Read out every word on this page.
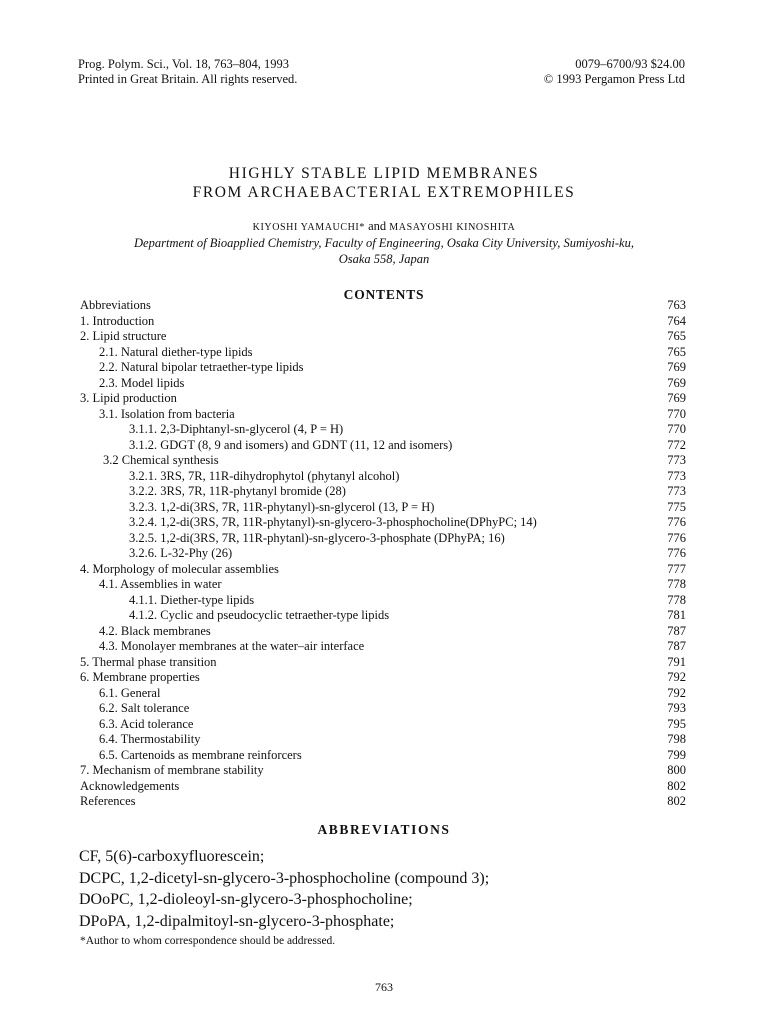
Prog. Polym. Sci., Vol. 18, 763–804, 1993
Printed in Great Britain. All rights reserved.
0079–6700/93 $24.00
© 1993 Pergamon Press Ltd
HIGHLY STABLE LIPID MEMBRANES
FROM ARCHAEBACTERIAL EXTREMOPHILES
KIYOSHI YAMAUCHI* and MASAYOSHI KINOSHITA
Department of Bioapplied Chemistry, Faculty of Engineering, Osaka City University, Sumiyoshi-ku,
Osaka 558, Japan
CONTENTS
Abbreviations	763
1. Introduction	764
2. Lipid structure	765
2.1. Natural diether-type lipids	765
2.2. Natural bipolar tetraether-type lipids	769
2.3. Model lipids	769
3. Lipid production	769
3.1. Isolation from bacteria	770
3.1.1. 2,3-Diphtanyl-sn-glycerol (4, P = H)	770
3.1.2. GDGT (8, 9 and isomers) and GDNT (11, 12 and isomers)	772
3.2 Chemical synthesis	773
3.2.1. 3RS, 7R, 11R-dihydrophytol (phytanyl alcohol)	773
3.2.2. 3RS, 7R, 11R-phytanyl bromide (28)	773
3.2.3. 1,2-di(3RS, 7R, 11R-phytanyl)-sn-glycerol (13, P = H)	775
3.2.4. 1,2-di(3RS, 7R, 11R-phytanyl)-sn-glycero-3-phosphocholine(DPhyPC; 14)	776
3.2.5. 1,2-di(3RS, 7R, 11R-phytanl)-sn-glycero-3-phosphate (DPhyPA; 16)	776
3.2.6. L-32-Phy (26)	776
4. Morphology of molecular assemblies	777
4.1. Assemblies in water	778
4.1.1. Diether-type lipids	778
4.1.2. Cyclic and pseudocyclic tetraether-type lipids	781
4.2. Black membranes	787
4.3. Monolayer membranes at the water–air interface	787
5. Thermal phase transition	791
6. Membrane properties	792
6.1. General	792
6.2. Salt tolerance	793
6.3. Acid tolerance	795
6.4. Thermostability	798
6.5. Cartenoids as membrane reinforcers	799
7. Mechanism of membrane stability	800
Acknowledgements	802
References	802
ABBREVIATIONS
CF, 5(6)-carboxyfluorescein;
DCPC, 1,2-dicetyl-sn-glycero-3-phosphocholine (compound 3);
DOoPC, 1,2-dioleoyl-sn-glycero-3-phosphocholine;
DPoPA, 1,2-dipalmitoyl-sn-glycero-3-phosphate;
*Author to whom correspondence should be addressed.
763
